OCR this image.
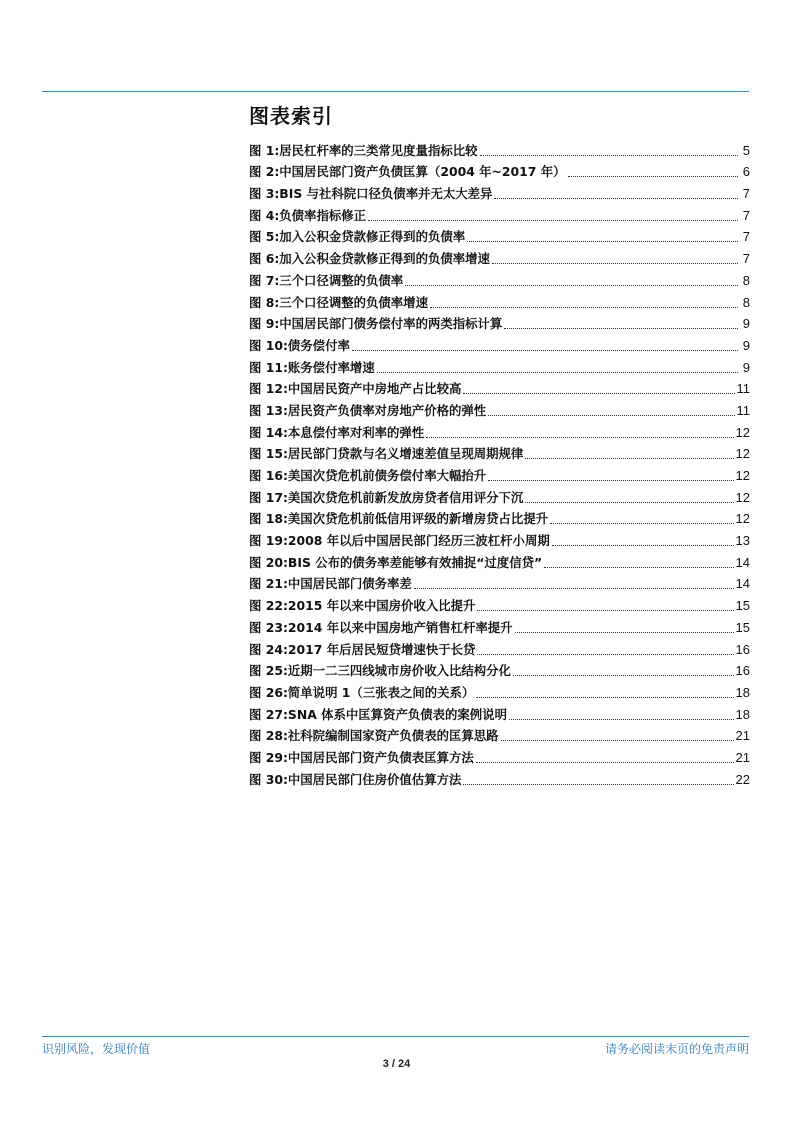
图表索引
图 1:居民杠杆率的三类常见度量指标比较	5
图 2:中国居民部门资产负债匡算（2004 年~2017 年）	6
图 3:BIS 与社科院口径负债率并无太大差异	7
图 4:负债率指标修正	7
图 5:加入公积金贷款修正得到的负债率	7
图 6:加入公积金贷款修正得到的负债率增速	7
图 7:三个口径调整的负债率	8
图 8:三个口径调整的负债率增速	8
图 9:中国居民部门债务偿付率的两类指标计算	9
图 10:债务偿付率	9
图 11:账务偿付率增速	9
图 12:中国居民资产中房地产占比较高	11
图 13:居民资产负债率对房地产价格的弹性	11
图 14:本息偿付率对利率的弹性	12
图 15:居民部门贷款与名义增速差值呈现周期规律	12
图 16:美国次贷危机前债务偿付率大幅抬升	12
图 17:美国次贷危机前新发放房贷者信用评分下沉	12
图 18:美国次贷危机前低信用评级的新增房贷占比提升	12
图 19:2008 年以后中国居民部门经历三波杠杆小周期	13
图 20:BIS 公布的债务率差能够有效捕捉“过度信贷”	14
图 21:中国居民部门债务率差	14
图 22:2015 年以来中国房价收入比提升	15
图 23:2014 年以来中国房地产销售杠杆率提升	15
图 24:2017 年后居民短贷增速快于长贷	16
图 25:近期一二三四线城市房价收入比结构分化	16
图 26:简单说明 1（三张表之间的关系）	18
图 27:SNA 体系中匡算资产负债表的案例说明	18
图 28:社科院编制国家资产负债表的匡算思路	21
图 29:中国居民部门资产负债表匡算方法	21
图 30:中国居民部门住房价值估算方法	22
识别风险，发现价值	请务必阅读末页的免责声明
3 / 24
